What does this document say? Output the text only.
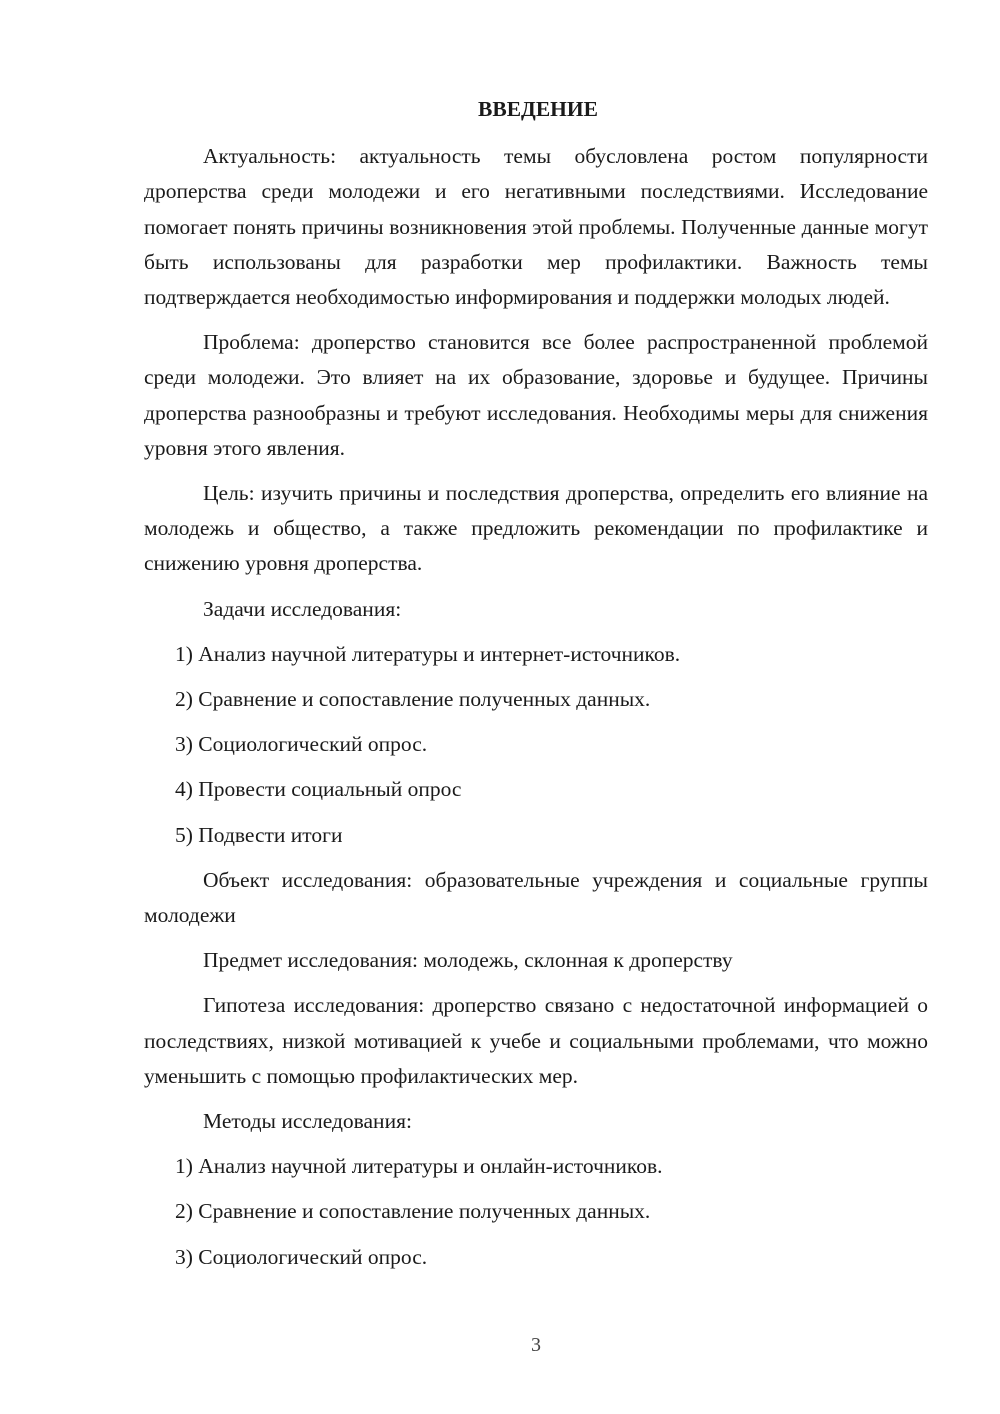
ВВЕДЕНИЕ
Актуальность: актуальность темы обусловлена ростом популярности дроперства среди молодежи и его негативными последствиями. Исследование помогает понять причины возникновения этой проблемы. Полученные данные могут быть использованы для разработки мер профилактики. Важность темы подтверждается необходимостью информирования и поддержки молодых людей.
Проблема: дроперство становится все более распространенной проблемой среди молодежи. Это влияет на их образование, здоровье и будущее. Причины дроперства разнообразны и требуют исследования. Необходимы меры для снижения уровня этого явления.
Цель: изучить причины и последствия дроперства, определить его влияние на молодежь и общество, а также предложить рекомендации по профилактике и снижению уровня дроперства.
Задачи исследования:
1) Анализ научной литературы и интернет-источников.
2) Сравнение и сопоставление полученных данных.
3) Социологический опрос.
4) Провести социальный опрос
5) Подвести итоги
Объект исследования: образовательные учреждения и социальные группы молодежи
Предмет исследования: молодежь, склонная к дроперству
Гипотеза исследования: дроперство связано с недостаточной информацией о последствиях, низкой мотивацией к учебе и социальными проблемами, что можно уменьшить с помощью профилактических мер.
Методы исследования:
1) Анализ научной литературы и онлайн-источников.
2) Сравнение и сопоставление полученных данных.
3) Социологический опрос.
3
